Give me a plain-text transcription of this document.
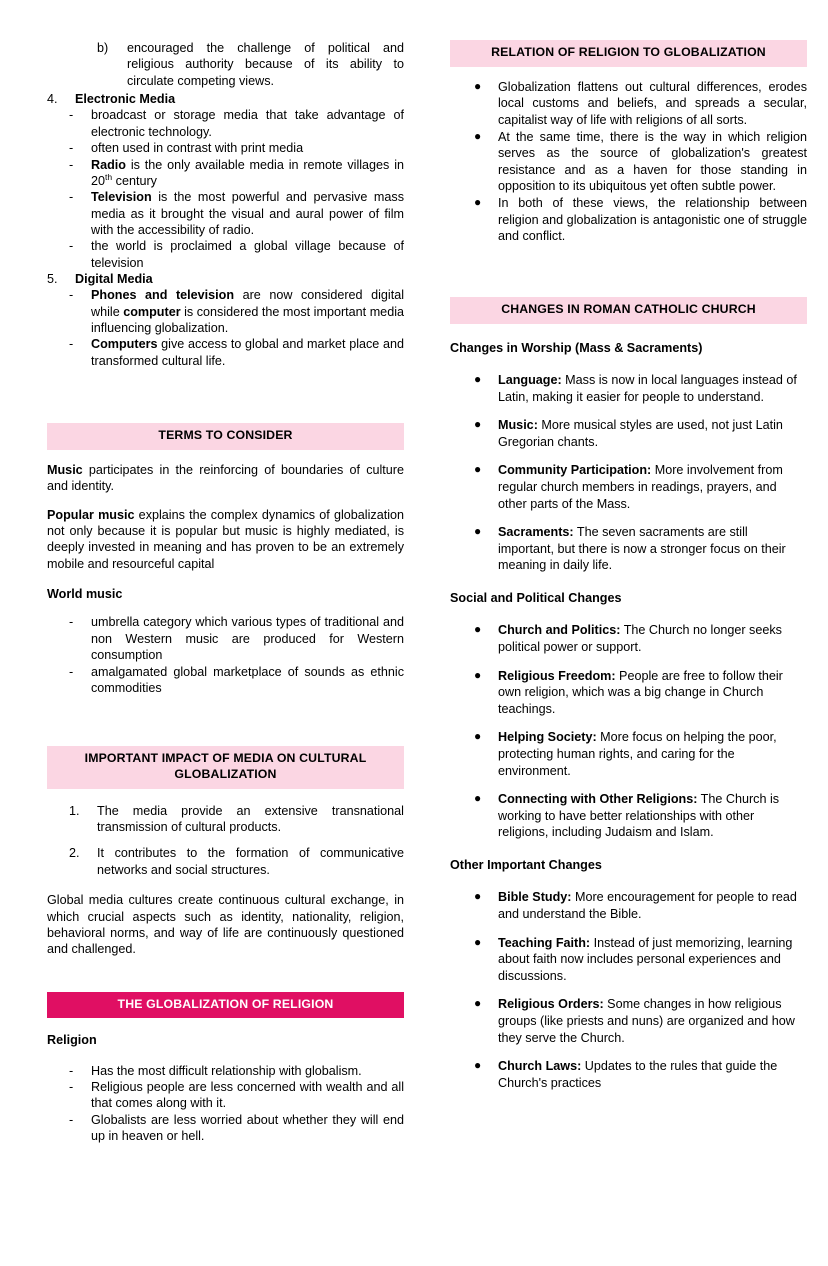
b)	encouraged the challenge of political and religious authority because of its ability to circulate competing views.
4.	Electronic Media
-	broadcast or storage media that take advantage of electronic technology.
-	often used in contrast with print media
-	Radio is the only available media in remote villages in 20th century
-	Television is the most powerful and pervasive mass media as it brought the visual and aural power of film with the accessibility of radio.
-	the world is proclaimed a global village because of television
5.	Digital Media
-	Phones and television are now considered digital while computer is considered the most important media influencing globalization.
-	Computers give access to global and market place and transformed cultural life.
TERMS TO CONSIDER

Music participates in the reinforcing of boundaries of culture and identity.

Popular music explains the complex dynamics of globalization not only because it is popular but music is highly mediated, is deeply invested in meaning and has proven to be an extremely mobile and resourceful capital

World music

-	umbrella category which various types of traditional and non Western music are produced for Western consumption
-	amalgamated global marketplace of sounds as ethnic commodities
IMPORTANT IMPACT OF MEDIA ON CULTURAL
GLOBALIZATION
1.	The media provide an extensive transnational transmission of cultural products.
2.	It contributes to the formation of communicative networks and social structures.

Global media cultures create continuous cultural exchange, in which crucial aspects such as identity, nationality, religion, behavioral norms, and way of life are continuously questioned and challenged.

THE GLOBALIZATION OF RELIGION

Religion

-	Has the most difficult relationship with globalism.
-	Religious people are less concerned with wealth and all that comes along with it.
-	Globalists are less worried about whether they will end up in heaven or hell.
RELATION OF RELIGION TO GLOBALIZATION
●	Globalization flattens out cultural differences, erodes local customs and beliefs, and spreads a secular, capitalist way of life with religions of all sorts.
●	At the same time, there is the way in which religion serves as the source of globalization's greatest resistance and as a haven for those standing in opposition to its ubiquitous yet often subtle power.
●	In both of these views, the relationship between religion and globalization is antagonistic one of struggle and conflict.
CHANGES IN ROMAN CATHOLIC CHURCH

Changes in Worship (Mass & Sacraments)

●	Language: Mass is now in local languages instead of Latin, making it easier for people to understand.
●	Music: More musical styles are used, not just Latin Gregorian chants.
●	Community Participation: More involvement from regular church members in readings, prayers, and other parts of the Mass.
●	Sacraments: The seven sacraments are still important, but there is now a stronger focus on their meaning in daily life.

Social and Political Changes

●	Church and Politics: The Church no longer seeks political power or support.
●	Religious Freedom: People are free to follow their own religion, which was a big change in Church teachings.
●	Helping Society: More focus on helping the poor, protecting human rights, and caring for the environment.
●	Connecting with Other Religions: The Church is working to have better relationships with other religions, including Judaism and Islam.

Other Important Changes

●	Bible Study: More encouragement for people to read and understand the Bible.
●	Teaching Faith: Instead of just memorizing, learning about faith now includes personal experiences and discussions.
●	Religious Orders: Some changes in how religious groups (like priests and nuns) are organized and how they serve the Church.
●	Church Laws: Updates to the rules that guide the Church's practices
